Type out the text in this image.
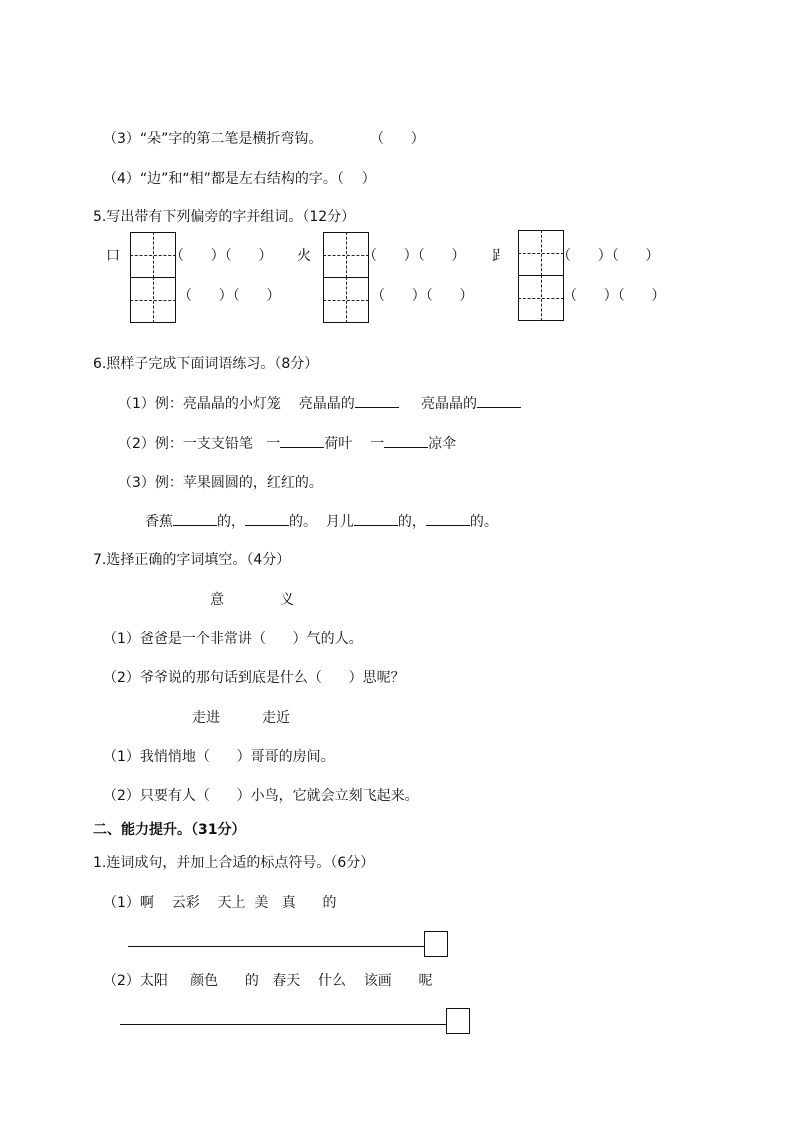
（3）“朵”字的第二笔是横折弯钩。	（      ）
（4）“边”和“相”都是左右结构的字。（    ）
5.写出带有下列偏旁的字并组词。（12分）
口	（      ）（      ）
（      ）（      ）
火	（      ）（      ）
（      ）（      ）
𧾷	（      ）（      ）
（      ）（      ）
6.照样子完成下面词语练习。（8分）
（1）例：亮晶晶的小灯笼 亮晶晶的	亮晶晶的
（2）例：一支支铅笔 一	荷叶 一	凉伞
（3）例：苹果圆圆的，红红的。
香蕉	的，	的。 月儿	的，	的。
7.选择正确的字词填空。（4分）
意	义
（1）爸爸是一个非常讲（      ）气的人。
（2）爷爷说的那句话到底是什么（      ）思呢？
走进	走近
（1）我悄悄地（      ）哥哥的房间。
（2）只要有人（      ）小鸟，它就会立刻飞起来。
二、能力提升。（31分）
1.连词成句，并加上合适的标点符号。（6分）
（1）啊    云彩    天上  美   真      的
（2）太阳     颜色      的   春天    什么    该画      呢
